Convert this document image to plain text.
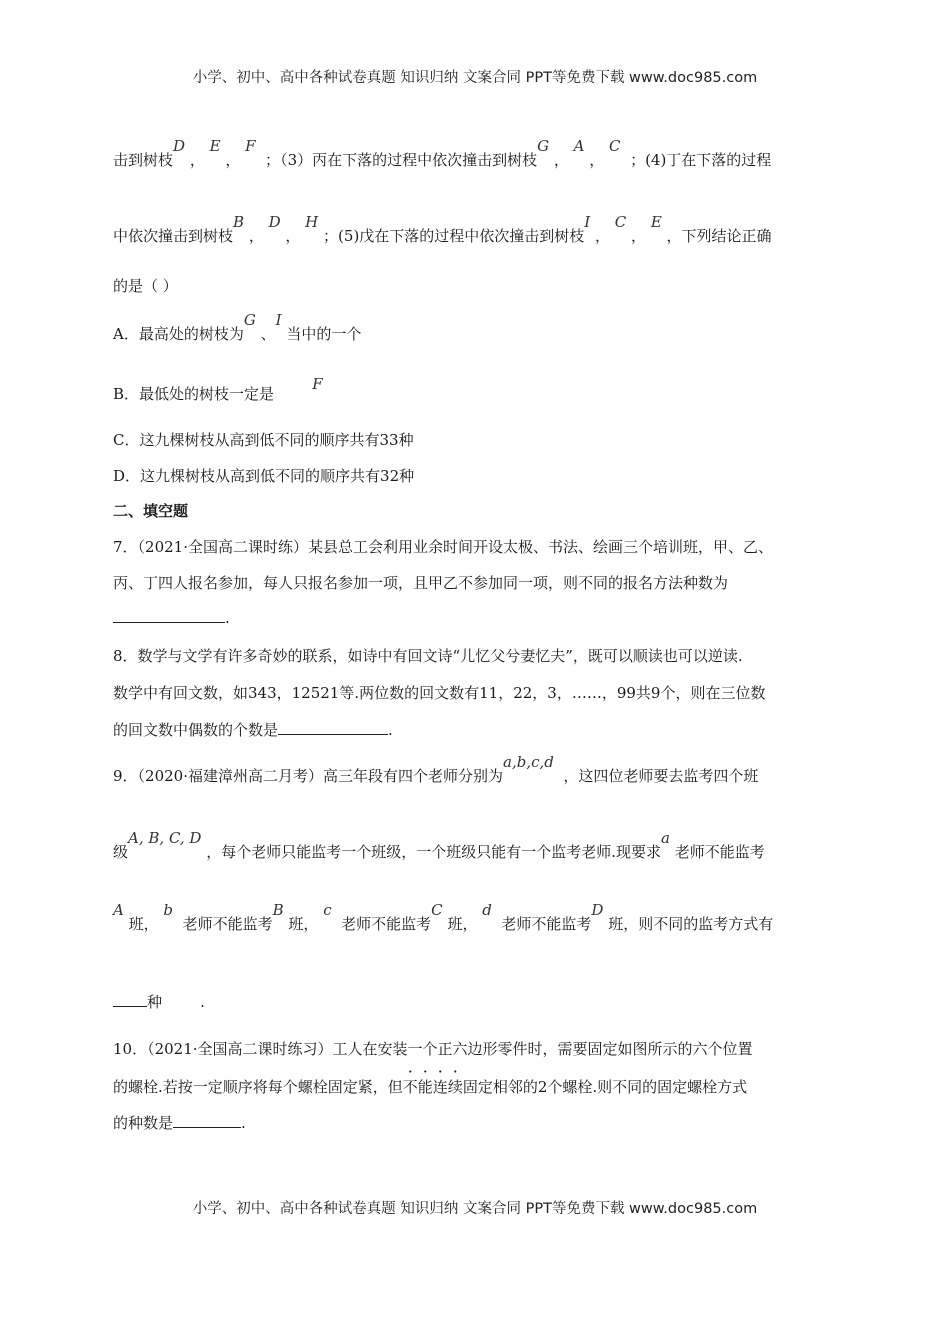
小学、初中、高中各种试卷真题 知识归纳 文案合同 PPT等免费下载 www.doc985.com
击到树枝D ， E ， F  ；（3）丙在下落的过程中依次撞击到树枝G ， A ， C  ；(4)丁在下落的过程
中依次撞击到树枝B ， D ， H ；(5)戊在下落的过程中依次撞击到树枝I ， C ， E ，下列结论正确
的是（ ）
A．最高处的树枝为G 、I 当中的一个
B．最低处的树枝一定是        F
C．这九棵树枝从高到低不同的顺序共有33种
D．这九棵树枝从高到低不同的顺序共有32种
二、填空题
7．（2021·全国高二课时练）某县总工会利用业余时间开设太极、书法、绘画三个培训班，甲、乙、
丙、丁四人报名参加，每人只报名参加一项，且甲乙不参加同一项，则不同的报名方法种数为
.
8．数学与文学有许多奇妙的联系，如诗中有回文诗“儿忆父兮妻忆夫”，既可以顺读也可以逆读.
数学中有回文数，如343，12521等.两位数的回文数有11，22，3，……，99共9个，则在三位数
的回文数中偶数的个数是	.
9．（2020·福建漳州高二月考）高三年段有四个老师分别为a,b,c,d  ，这四位老师要去监考四个班
级A, B, C, D ，每个老师只能监考一个班级，一个班级只能有一个监考老师.现要求a 老师不能监考
A 班， b  老师不能监考B 班， c  老师不能监考C 班， d  老师不能监考D 班，则不同的监考方式有
种	.
10．（2021·全国高二课时练习）工人在安装一个正六边形零件时，需要固定如图所示的六个位置
的螺栓.若按一定顺序将每个螺栓固定紧，但不能连续固定相邻的2个螺栓.则不同的固定螺栓方式
的种数是	.
小学、初中、高中各种试卷真题 知识归纳 文案合同 PPT等免费下载 www.doc985.com
